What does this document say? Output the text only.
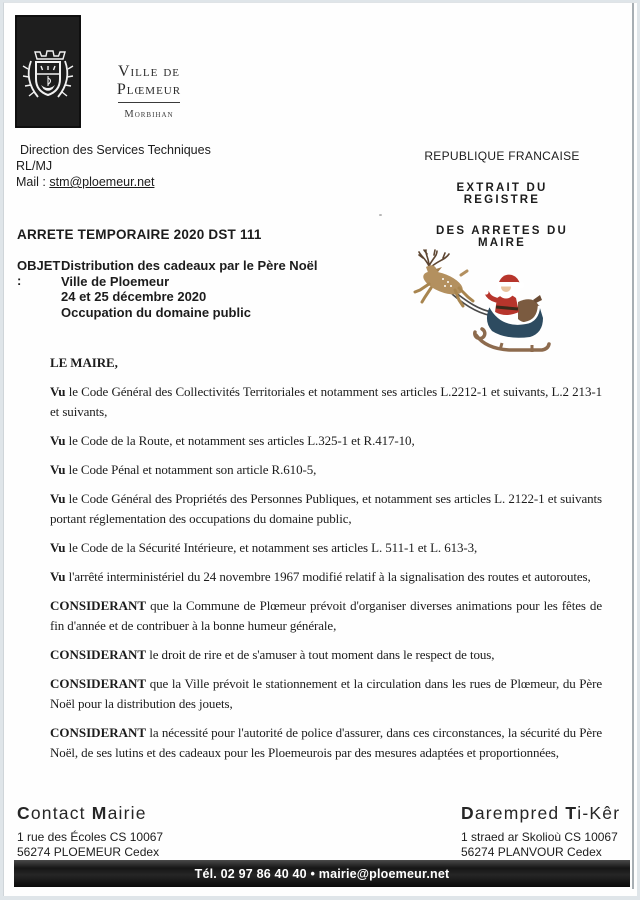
Ville de Plœmeur
Morbihan
Direction des Services Techniques
RL/MJ
Mail : stm@ploemeur.net
REPUBLIQUE FRANCAISE
EXTRAIT DU REGISTRE
DES ARRETES DU MAIRE
ARRETE TEMPORAIRE 2020 DST 111
OBJET :
Distribution des cadeaux par le Père Noël
Ville de Ploemeur
24 et 25 décembre 2020
Occupation du domaine public

LE MAIRE,

Vu le Code Général des Collectivités Territoriales et notamment ses articles L.2212-1 et suivants, L.2 213-1 et suivants,

Vu le Code de la Route, et notamment ses articles L.325-1 et R.417-10,

Vu le Code Pénal et notamment son article R.610-5,

Vu le Code Général des Propriétés des Personnes Publiques, et notamment ses articles L. 2122-1 et suivants portant réglementation des occupations du domaine public,

Vu le Code de la Sécurité Intérieure, et notamment ses articles L. 511-1 et L. 613-3,

Vu l'arrêté interministériel du 24 novembre 1967 modifié relatif à la signalisation des routes et autoroutes,

CONSIDERANT que la Commune de Plœmeur prévoit d'organiser diverses animations pour les fêtes de fin d'année et de contribuer à la bonne humeur générale,

CONSIDERANT le droit de rire et de s'amuser à tout moment dans le respect de tous,

CONSIDERANT que la Ville prévoit le stationnement et la circulation dans les rues de Plœmeur, du Père Noël pour la distribution des jouets,

CONSIDERANT la nécessité pour l'autorité de police d'assurer, dans ces circonstances, la sécurité du Père Noël, de ses lutins et des cadeaux pour les Ploemeurois par des mesures adaptées et proportionnées,

Contact Mairie
1 rue des Écoles CS 10067
56274 PLOEMEUR Cedex
Darempred Ti-Kêr
1 straed ar Skolioù CS 10067
56274 PLANVOUR Cedex
Tél. 02 97 86 40 40 • mairie@ploemeur.net
